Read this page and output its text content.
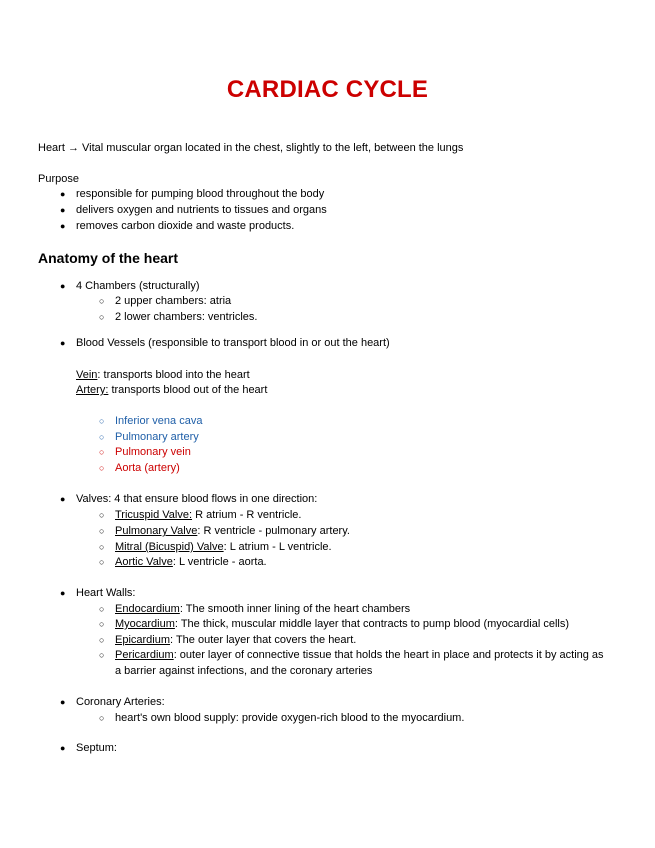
CARDIAC CYCLE
Heart → Vital muscular organ located in the chest, slightly to the left, between the lungs
Purpose
● responsible for pumping blood throughout the body
● delivers oxygen and nutrients to tissues and organs
● removes carbon dioxide and waste products.
Anatomy of the heart
● 4 Chambers (structurally)
○ 2 upper chambers: atria
○ 2 lower chambers: ventricles.
● Blood Vessels (responsible to transport blood in or out the heart)
Vein: transports blood into the heart
Artery: transports blood out of the heart
○ Inferior vena cava
○ Pulmonary artery
○ Pulmonary vein
○ Aorta (artery)
● Valves: 4 that ensure blood flows in one direction:
○ Tricuspid Valve: R atrium - R ventricle.
○ Pulmonary Valve: R ventricle - pulmonary artery.
○ Mitral (Bicuspid) Valve: L atrium - L ventricle.
○ Aortic Valve: L ventricle - aorta.
● Heart Walls:
○ Endocardium: The smooth inner lining of the heart chambers
○ Myocardium: The thick, muscular middle layer that contracts to pump blood (myocardial cells)
○ Epicardium: The outer layer that covers the heart.
○ Pericardium: outer layer of connective tissue that holds the heart in place and protects it by acting as a barrier against infections, and the coronary arteries
● Coronary Arteries:
○ heart's own blood supply: provide oxygen-rich blood to the myocardium.
● Septum:
